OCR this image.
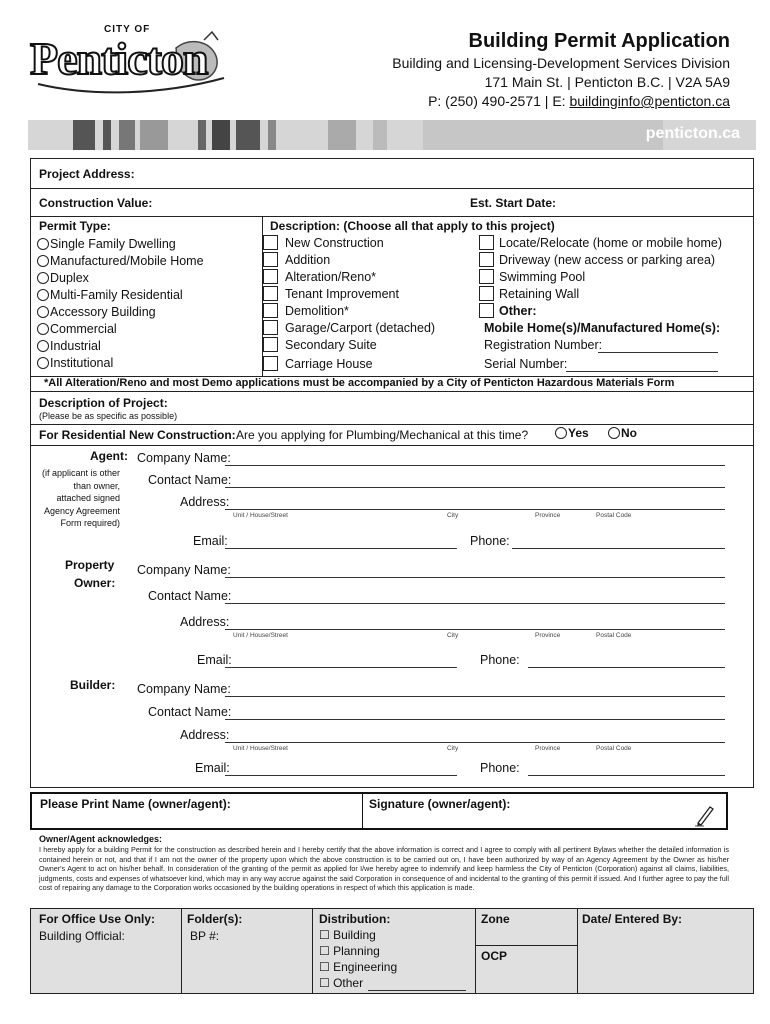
CITY OF
Penticton	Building Permit Application
Building and Licensing-Development Services Division
171 Main St. | Penticton B.C. | V2A 5A9
P: (250) 490-2571 | E: buildinginfo@penticton.ca
penticton.ca
Project Address:
Construction Value:	Est. Start Date:
Permit Type:	Description: (Choose all that apply to this project)
Single Family Dwelling
Manufactured/Mobile Home
Duplex
Multi-Family Residential
Accessory Building
Commercial
Industrial
Institutional
New Construction
Addition
Alteration/Reno*
Tenant Improvement
Demolition*
Garage/Carport (detached)
Secondary Suite
Carriage House
Locate/Relocate (home or mobile home)
Driveway (new access or parking area)
Swimming Pool
Retaining Wall
Other:
Mobile Home(s)/Manufactured Home(s):
Registration Number:
Serial Number:
*All Alteration/Reno and most Demo applications must be accompanied by a City of Penticton Hazardous Materials Form
Description of Project:
(Please be as specific as possible)
For Residential New Construction: Are you applying for Plumbing/Mechanical at this time?	Yes	No
Agent:
(if applicant is other than owner, attached signed Agency Agreement Form required)
Company Name:
Contact Name:
Address:
Unit / House/Street	City	Province	Postal Code
Email:	Phone:
Property
Owner:
Company Name:
Contact Name:
Address:
Unit / House/Street	City	Province	Postal Code
Email:	Phone:
Builder: Company Name:
Contact Name:
Address:
Unit / House/Street	City	Province	Postal Code
Email:	Phone:
Please Print Name (owner/agent):	Signature (owner/agent):
Owner/Agent acknowledges:
I hereby apply for a building Permit for the construction as described herein and I hereby certify that the above information is correct and I agree to comply with all pertinent Bylaws whether the detailed information is contained herein or not, and that if I am not the owner of the property upon which the above construction is to be carried out on, I have been authorized by way of an Agency Agreement by the Owner as his/her Owner's Agent to act on his/her behalf. In consideration of the granting of the permit as applied for I/we hereby agree to indemnify and keep harmless the City of Penticton (Corporation) against all claims, liabilities, judgments, costs and expenses of whatsoever kind, which may in any way accrue against the said Corporation in consequence of and incidental to the granting of this permit if issued. And I further agree to pay the full cost of repairing any damage to the Corporation works occasioned by the building operations in respect of which this application is made.
For Office Use Only:
Building Official:
Folder(s):
BP #:
Distribution:
☐ Building
☐ Planning
☐ Engineering
☐ Other
Zone
OCP
Date/ Entered By:
